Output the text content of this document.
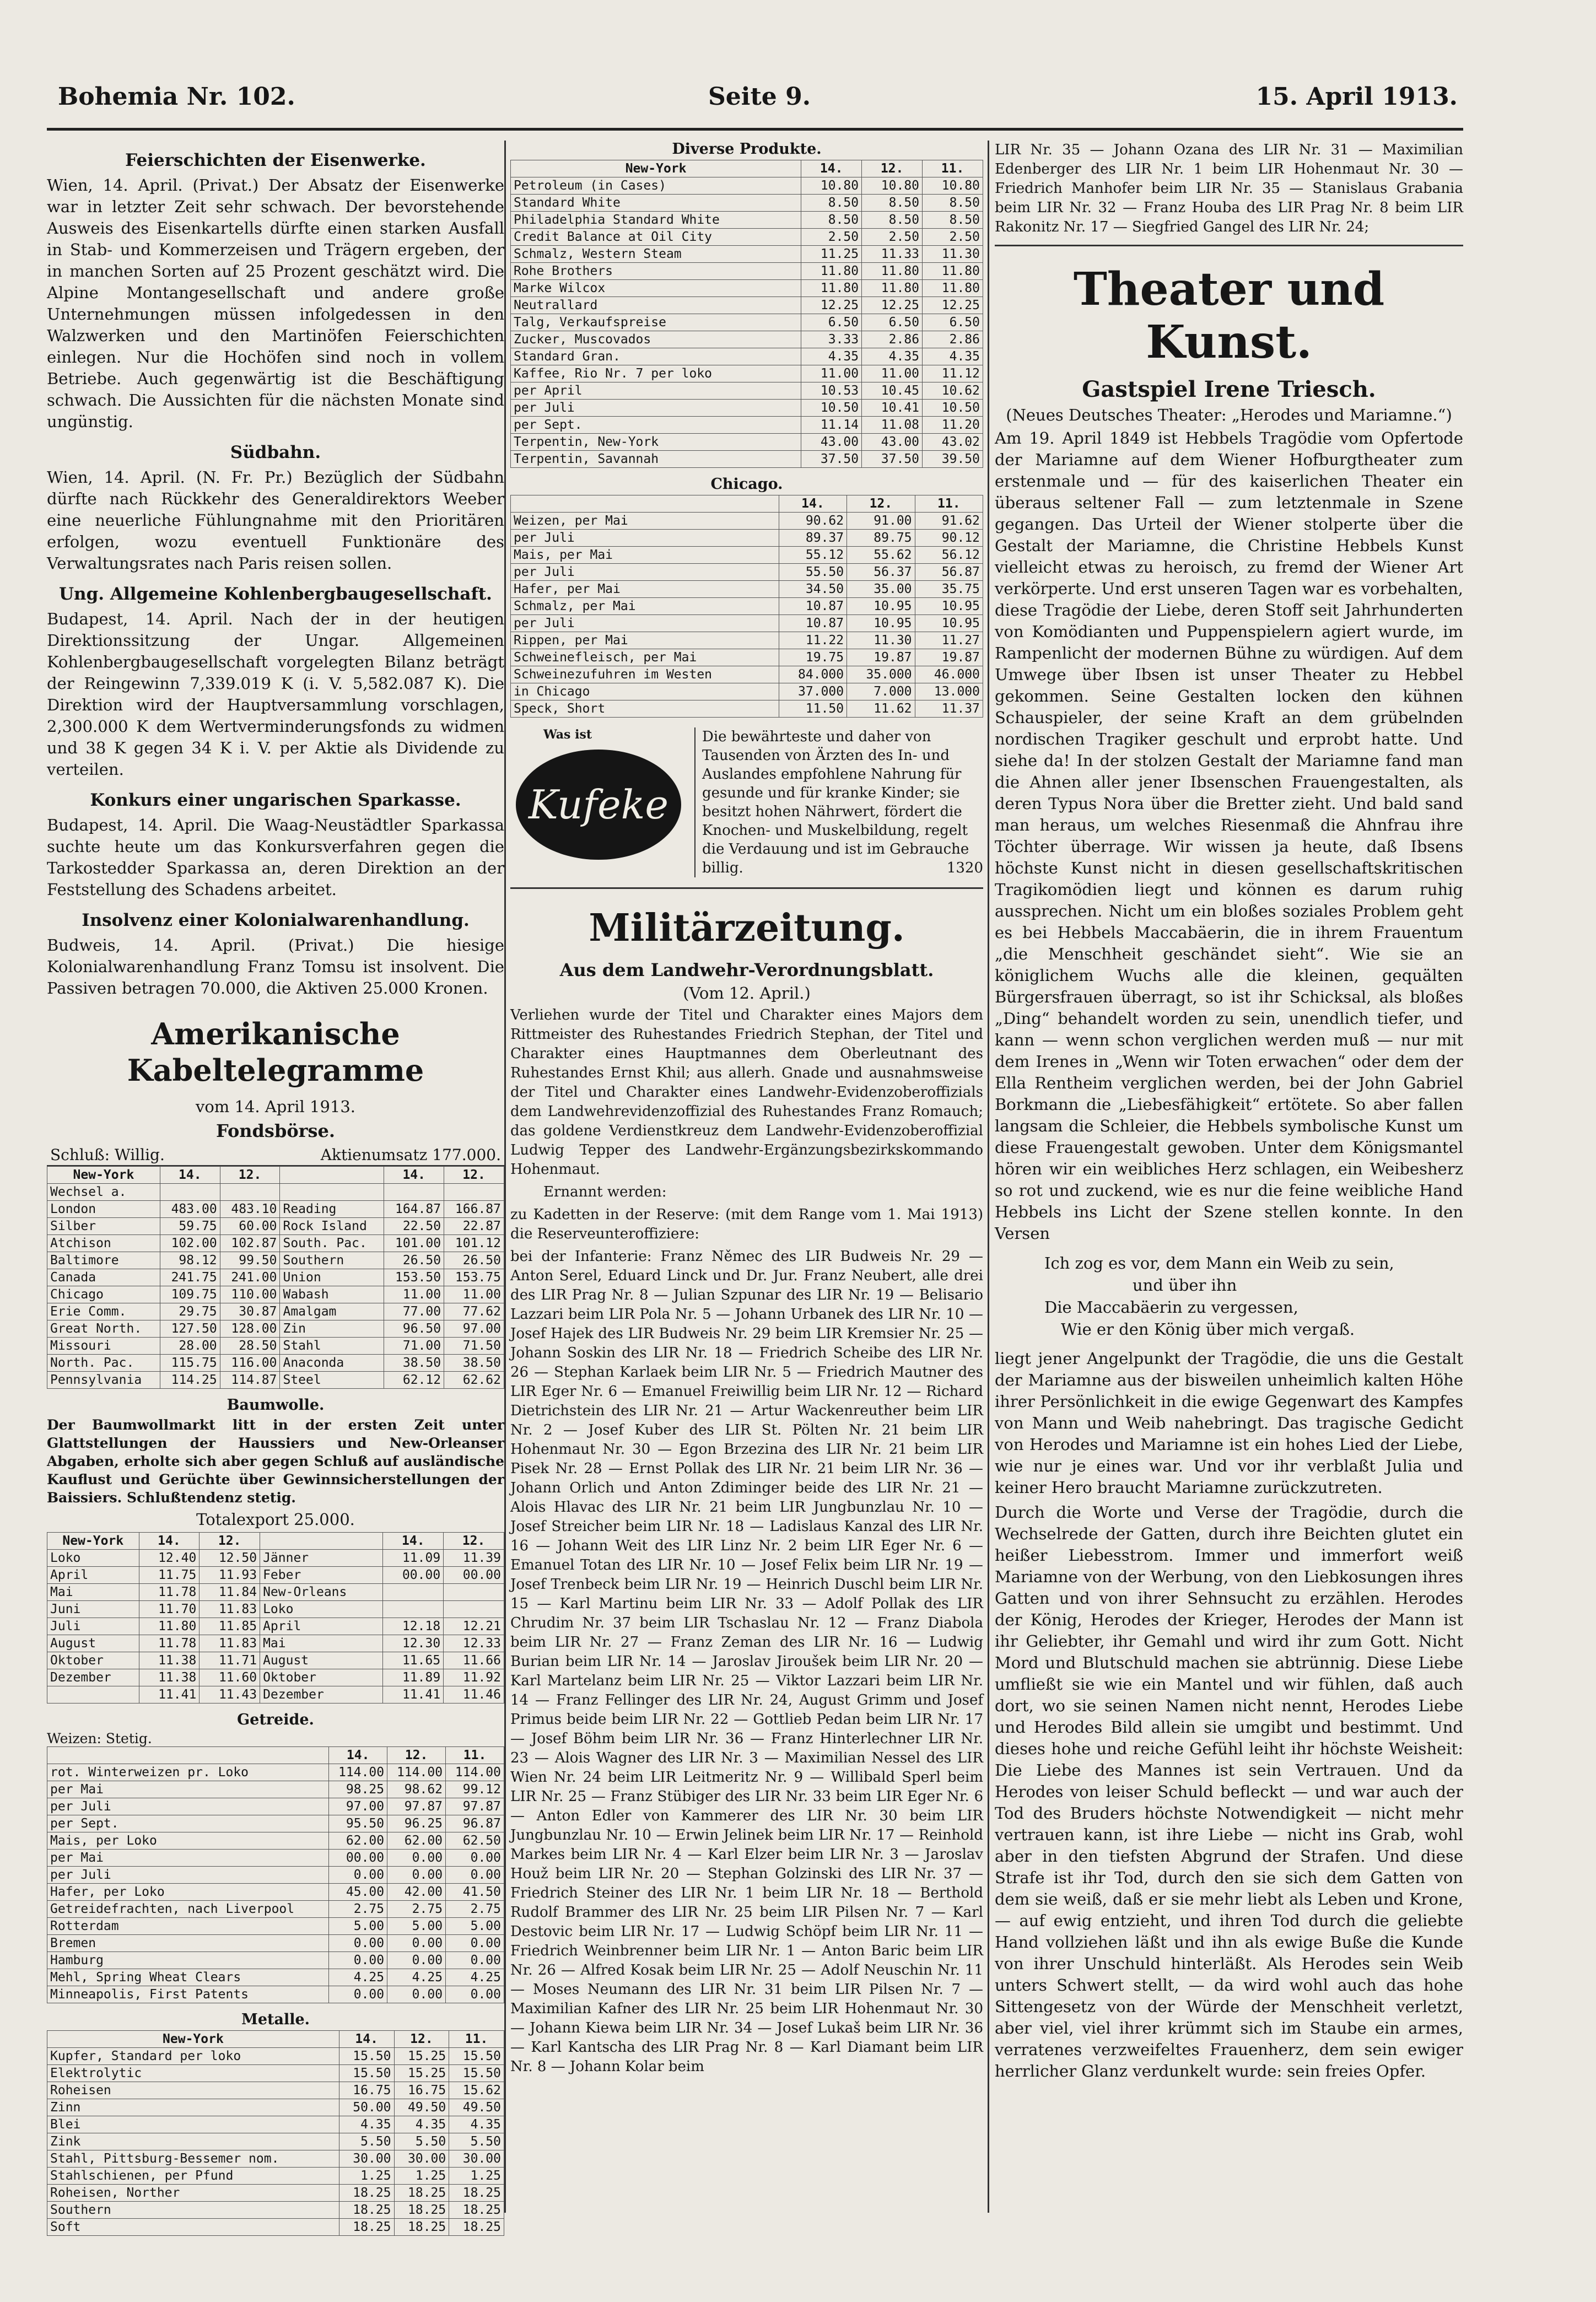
Bohemia Nr. 102.	Seite 9.	15. April 1913.
Feierschichten der Eisenwerke.

Wien, 14. April. (Privat.) Der Absatz der Eisenwerke war in letzter Zeit sehr schwach. Der bevorstehende Ausweis des Eisenkartells dürfte einen starken Ausfall in Stab- und Kommerzeisen und Trägern ergeben, der in manchen Sorten auf 25 Prozent geschätzt wird. Die Alpine Montangesellschaft und andere große Unternehmungen müssen infolgedessen in den Walzwerken und den Martinöfen Feierschichten einlegen. Nur die Hochöfen sind noch in vollem Betriebe. Auch gegenwärtig ist die Beschäftigung schwach. Die Aussichten für die nächsten Monate sind ungünstig.

Südbahn.

Wien, 14. April. (N. Fr. Pr.) Bezüglich der Südbahn dürfte nach Rückkehr des Generaldirektors Weeber eine neuerliche Fühlungnahme mit den Prioritären erfolgen, wozu eventuell Funktionäre des Verwaltungsrates nach Paris reisen sollen.

Ung. Allgemeine Kohlenbergbaugesellschaft.

Budapest, 14. April. Nach der in der heutigen Direktionssitzung der Ungar. Allgemeinen Kohlenbergbaugesellschaft vorgelegten Bilanz beträgt der Reingewinn 7,339.019 K (i. V. 5,582.087 K). Die Direktion wird der Hauptversammlung vorschlagen, 2,300.000 K dem Wertverminderungsfonds zu widmen und 38 K gegen 34 K i. V. per Aktie als Dividende zu verteilen.

Konkurs einer ungarischen Sparkasse.

Budapest, 14. April. Die Waag-Neustädtler Sparkassa suchte heute um das Konkursverfahren gegen die Tarkostedder Sparkassa an, deren Direktion an der Feststellung des Schadens arbeitet.

Insolvenz einer Kolonialwarenhandlung.

Budweis, 14. April. (Privat.) Die hiesige Kolonialwarenhandlung Franz Tomsu ist insolvent. Die Passiven betragen 70.000, die Aktiven 25.000 Kronen.

Amerikanische Kabeltelegramme
vom 14. April 1913.
Fondsbörse.
Schluß: Willig.	Aktienumsatz 177.000.
New-York	14.	12.		14.	12.
Wechsel a.					
London	483.00	483.10	Reading	164.87	166.87
Silber	59.75	60.00	Rock Island	22.50	22.87
Atchison	102.00	102.87	South. Pac.	101.00	101.12
Baltimore	98.12	99.50	Southern	26.50	26.50
Canada	241.75	241.00	Union	153.50	153.75
Chicago	109.75	110.00	Wabash	11.00	11.00
Erie Comm.	29.75	30.87	Amalgam	77.00	77.62
Great North.	127.50	128.00	Zin	96.50	97.00
Missouri	28.00	28.50	Stahl	71.00	71.50
North. Pac.	115.75	116.00	Anaconda	38.50	38.50
Pennsylvania	114.25	114.87	Steel	62.12	62.62
Baumwolle.

Der Baumwollmarkt litt in der ersten Zeit unter Glattstellungen der Haussiers und New-Orleanser Abgaben, erholte sich aber gegen Schluß auf ausländische Kauflust und Gerüchte über Gewinnsicherstellungen der Baissiers. Schlußtendenz stetig.

Totalexport 25.000.
New-York	14.	12.		14.	12.
Loko	12.40	12.50	Jänner	11.09	11.39
April	11.75	11.93	Feber	00.00	00.00
Mai	11.78	11.84	New-Orleans		
Juni	11.70	11.83	Loko		
Juli	11.80	11.85	April	12.18	12.21
August	11.78	11.83	Mai	12.30	12.33
Oktober	11.38	11.71	August	11.65	11.66
Dezember	11.38	11.60	Oktober	11.89	11.92
	11.41	11.43	Dezember	11.41	11.46
Getreide.
Weizen: Stetig.
	14.	12.	11.
rot. Winterweizen pr. Loko	114.00	114.00	114.00
per Mai	98.25	98.62	99.12
per Juli	97.00	97.87	97.87
per Sept.	95.50	96.25	96.87
Mais, per Loko	62.00	62.00	62.50
per Mai	00.00	0.00	0.00
per Juli	0.00	0.00	0.00
Hafer, per Loko	45.00	42.00	41.50
Getreidefrachten, nach Liverpool	2.75	2.75	2.75
Rotterdam	5.00	5.00	5.00
Bremen	0.00	0.00	0.00
Hamburg	0.00	0.00	0.00
Mehl, Spring Wheat Clears	4.25	4.25	4.25
Minneapolis, First Patents	0.00	0.00	0.00
Metalle.
New-York	14.	12.	11.
Kupfer, Standard per loko	15.50	15.25	15.50
Elektrolytic	15.50	15.25	15.50
Roheisen	16.75	16.75	15.62
Zinn	50.00	49.50	49.50
Blei	4.35	4.35	4.35
Zink	5.50	5.50	5.50
Stahl, Pittsburg-Bessemer nom.	30.00	30.00	30.00
Stahlschienen, per Pfund	1.25	1.25	1.25
Roheisen, Norther	18.25	18.25	18.25
Southern	18.25	18.25	18.25
Soft	18.25	18.25	18.25
Diverse Produkte.
New-York	14.	12.	11.
Petroleum (in Cases)	10.80	10.80	10.80
Standard White	8.50	8.50	8.50
Philadelphia Standard White	8.50	8.50	8.50
Credit Balance at Oil City	2.50	2.50	2.50
Schmalz, Western Steam	11.25	11.33	11.30
Rohe Brothers	11.80	11.80	11.80
Marke Wilcox	11.80	11.80	11.80
Neutrallard	12.25	12.25	12.25
Talg, Verkaufspreise	6.50	6.50	6.50
Zucker, Muscovados	3.33	2.86	2.86
Standard Gran.	4.35	4.35	4.35
Kaffee, Rio Nr. 7 per loko	11.00	11.00	11.12
per April	10.53	10.45	10.62
per Juli	10.50	10.41	10.50
per Sept.	11.14	11.08	11.20
Terpentin, New-York	43.00	43.00	43.02
Terpentin, Savannah	37.50	37.50	39.50
Chicago.
	14.	12.	11.
Weizen, per Mai	90.62	91.00	91.62
per Juli	89.37	89.75	90.12
Mais, per Mai	55.12	55.62	56.12
per Juli	55.50	56.37	56.87
Hafer, per Mai	34.50	35.00	35.75
Schmalz, per Mai	10.87	10.95	10.95
per Juli	10.87	10.95	10.95
Rippen, per Mai	11.22	11.30	11.27
Schweinefleisch, per Mai	19.75	19.87	19.87
Schweinezufuhren im Westen	84.000	35.000	46.000
in Chicago	37.000	7.000	13.000
Speck, Short	11.50	11.62	11.37
Was ist
Kufeke
Die bewährteste und daher von Tausenden von Ärzten des In- und Auslandes empfohlene Nahrung für gesunde und für kranke Kinder; sie besitzt hohen Nährwert, fördert die Knochen- und Muskelbildung, regelt die Verdauung und ist im Gebrauche billig.	1320
Militärzeitung.
Aus dem Landwehr-Verordnungsblatt.
(Vom 12. April.)

Verliehen wurde der Titel und Charakter eines Majors dem Rittmeister des Ruhestandes Friedrich Stephan, der Titel und Charakter eines Hauptmannes dem Oberleutnant des Ruhestandes Ernst Khil; aus allerh. Gnade und ausnahmsweise der Titel und Charakter eines Landwehr-Evidenzoberoffizials dem Landwehrevidenzoffizial des Ruhestandes Franz Romauch; das goldene Verdienstkreuz dem Landwehr-Evidenzoberoffizial Ludwig Tepper des Landwehr-Ergänzungsbezirkskommando Hohenmaut.

Ernannt werden:

zu Kadetten in der Reserve: (mit dem Range vom 1. Mai 1913) die Reserveunteroffiziere:

bei der Infanterie: Franz Němec des LIR Budweis Nr. 29 — Anton Serel, Eduard Linck und Dr. Jur. Franz Neubert, alle drei des LIR Prag Nr. 8 — Julian Szpunar des LIR Nr. 19 — Belisario Lazzari beim LIR Pola Nr. 5 — Johann Urbanek des LIR Nr. 10 — Josef Hajek des LIR Budweis Nr. 29 beim LIR Kremsier Nr. 25 — Johann Soskin des LIR Nr. 18 — Friedrich Scheibe des LIR Nr. 26 — Stephan Karlaek beim LIR Nr. 5 — Friedrich Mautner des LIR Eger Nr. 6 — Emanuel Freiwillig beim LIR Nr. 12 — Richard Dietrichstein des LIR Nr. 21 — Artur Wackenreuther beim LIR Nr. 2 — Josef Kuber des LIR St. Pölten Nr. 21 beim LIR Hohenmaut Nr. 30 — Egon Brzezina des LIR Nr. 21 beim LIR Pisek Nr. 28 — Ernst Pollak des LIR Nr. 21 beim LIR Nr. 36 — Johann Orlich und Anton Zdiminger beide des LIR Nr. 21 — Alois Hlavac des LIR Nr. 21 beim LIR Jungbunzlau Nr. 10 — Josef Streicher beim LIR Nr. 18 — Ladislaus Kanzal des LIR Nr. 16 — Johann Weit des LIR Linz Nr. 2 beim LIR Eger Nr. 6 — Emanuel Totan des LIR Nr. 10 — Josef Felix beim LIR Nr. 19 — Josef Trenbeck beim LIR Nr. 19 — Heinrich Duschl beim LIR Nr. 15 — Karl Martinu beim LIR Nr. 33 — Adolf Pollak des LIR Chrudim Nr. 37 beim LIR Tschaslau Nr. 12 — Franz Diabola beim LIR Nr. 27 — Franz Zeman des LIR Nr. 16 — Ludwig Burian beim LIR Nr. 14 — Jaroslav Jiroušek beim LIR Nr. 20 — Karl Martelanz beim LIR Nr. 25 — Viktor Lazzari beim LIR Nr. 14 — Franz Fellinger des LIR Nr. 24, August Grimm und Josef Primus beide beim LIR Nr. 22 — Gottlieb Pedan beim LIR Nr. 17 — Josef Böhm beim LIR Nr. 36 — Franz Hinterlechner LIR Nr. 23 — Alois Wagner des LIR Nr. 3 — Maximilian Nessel des LIR Wien Nr. 24 beim LIR Leitmeritz Nr. 9 — Willibald Sperl beim LIR Nr. 25 — Franz Stübiger des LIR Nr. 33 beim LIR Eger Nr. 6 — Anton Edler von Kammerer des LIR Nr. 30 beim LIR Jungbunzlau Nr. 10 — Erwin Jelinek beim LIR Nr. 17 — Reinhold Markes beim LIR Nr. 4 — Karl Elzer beim LIR Nr. 3 — Jaroslav Houž beim LIR Nr. 20 — Stephan Golzinski des LIR Nr. 37 — Friedrich Steiner des LIR Nr. 1 beim LIR Nr. 18 — Berthold Rudolf Brammer des LIR Nr. 25 beim LIR Pilsen Nr. 7 — Karl Destovic beim LIR Nr. 17 — Ludwig Schöpf beim LIR Nr. 11 — Friedrich Weinbrenner beim LIR Nr. 1 — Anton Baric beim LIR Nr. 26 — Alfred Kosak beim LIR Nr. 25 — Adolf Neuschin Nr. 11 — Moses Neumann des LIR Nr. 31 beim LIR Pilsen Nr. 7 — Maximilian Kafner des LIR Nr. 25 beim LIR Hohenmaut Nr. 30 — Johann Kiewa beim LIR Nr. 34 — Josef Lukaš beim LIR Nr. 36 — Karl Kantscha des LIR Prag Nr. 8 — Karl Diamant beim LIR Nr. 8 — Johann Kolar beim

LIR Nr. 35 — Johann Ozana des LIR Nr. 31 — Maximilian Edenberger des LIR Nr. 1 beim LIR Hohenmaut Nr. 30 — Friedrich Manhofer beim LIR Nr. 35 — Stanislaus Grabania beim LIR Nr. 32 — Franz Houba des LIR Prag Nr. 8 beim LIR Rakonitz Nr. 17 — Siegfried Gangel des LIR Nr. 24;

Theater und Kunst.
Gastspiel Irene Triesch.
(Neues Deutsches Theater: „Herodes und Mariamne.“)

Am 19. April 1849 ist Hebbels Tragödie vom Opfertode der Mariamne auf dem Wiener Hofburgtheater zum erstenmale und — für des kaiserlichen Theater ein überaus seltener Fall — zum letztenmale in Szene gegangen. Das Urteil der Wiener stolperte über die Gestalt der Mariamne, die Christine Hebbels Kunst vielleicht etwas zu heroisch, zu fremd der Wiener Art verkörperte. Und erst unseren Tagen war es vorbehalten, diese Tragödie der Liebe, deren Stoff seit Jahrhunderten von Komödianten und Puppenspielern agiert wurde, im Rampenlicht der modernen Bühne zu würdigen. Auf dem Umwege über Ibsen ist unser Theater zu Hebbel gekommen. Seine Gestalten locken den kühnen Schauspieler, der seine Kraft an dem grübelnden nordischen Tragiker geschult und erprobt hatte. Und siehe da! In der stolzen Gestalt der Mariamne fand man die Ahnen aller jener Ibsenschen Frauengestalten, als deren Typus Nora über die Bretter zieht. Und bald sand man heraus, um welches Riesenmaß die Ahnfrau ihre Töchter überrage. Wir wissen ja heute, daß Ibsens höchste Kunst nicht in diesen gesellschaftskritischen Tragikomödien liegt und können es darum ruhig aussprechen. Nicht um ein bloßes soziales Problem geht es bei Hebbels Maccabäerin, die in ihrem Frauentum „die Menschheit geschändet sieht“. Wie sie an königlichem Wuchs alle die kleinen, gequälten Bürgersfrauen überragt, so ist ihr Schicksal, als bloßes „Ding“ behandelt worden zu sein, unendlich tiefer, und kann — wenn schon verglichen werden muß — nur mit dem Irenes in „Wenn wir Toten erwachen“ oder dem der Ella Rentheim verglichen werden, bei der John Gabriel Borkmann die „Liebesfähigkeit“ ertötete. So aber fallen langsam die Schleier, die Hebbels symbolische Kunst um diese Frauengestalt gewoben. Unter dem Königsmantel hören wir ein weibliches Herz schlagen, ein Weibesherz so rot und zuckend, wie es nur die feine weibliche Hand Hebbels ins Licht der Szene stellen konnte. In den Versen

Ich zog es vor, dem Mann ein Weib zu sein,
und über ihn
Die Maccabäerin zu vergessen,
Wie er den König über mich vergaß.

liegt jener Angelpunkt der Tragödie, die uns die Gestalt der Mariamne aus der bisweilen unheimlich kalten Höhe ihrer Persönlichkeit in die ewige Gegenwart des Kampfes von Mann und Weib nahebringt. Das tragische Gedicht von Herodes und Mariamne ist ein hohes Lied der Liebe, wie nur je eines war. Und vor ihr verblaßt Julia und keiner Hero braucht Mariamne zurückzutreten.

Durch die Worte und Verse der Tragödie, durch die Wechselrede der Gatten, durch ihre Beichten glutet ein heißer Liebesstrom. Immer und immerfort weiß Mariamne von der Werbung, von den Liebkosungen ihres Gatten und von ihrer Sehnsucht zu erzählen. Herodes der König, Herodes der Krieger, Herodes der Mann ist ihr Geliebter, ihr Gemahl und wird ihr zum Gott. Nicht Mord und Blutschuld machen sie abtrünnig. Diese Liebe umfließt sie wie ein Mantel und wir fühlen, daß auch dort, wo sie seinen Namen nicht nennt, Herodes Liebe und Herodes Bild allein sie umgibt und bestimmt. Und dieses hohe und reiche Gefühl leiht ihr höchste Weisheit: Die Liebe des Mannes ist sein Vertrauen. Und da Herodes von leiser Schuld befleckt — und war auch der Tod des Bruders höchste Notwendigkeit — nicht mehr vertrauen kann, ist ihre Liebe — nicht ins Grab, wohl aber in den tiefsten Abgrund der Strafen. Und diese Strafe ist ihr Tod, durch den sie sich dem Gatten von dem sie weiß, daß er sie mehr liebt als Leben und Krone, — auf ewig entzieht, und ihren Tod durch die geliebte Hand vollziehen läßt und ihn als ewige Buße die Kunde von ihrer Unschuld hinterläßt. Als Herodes sein Weib unters Schwert stellt, — da wird wohl auch das hohe Sittengesetz von der Würde der Menschheit verletzt, aber viel, viel ihrer krümmt sich im Staube ein armes, verratenes verzweifeltes Frauenherz, dem sein ewiger herrlicher Glanz verdunkelt wurde: sein freies Opfer.
